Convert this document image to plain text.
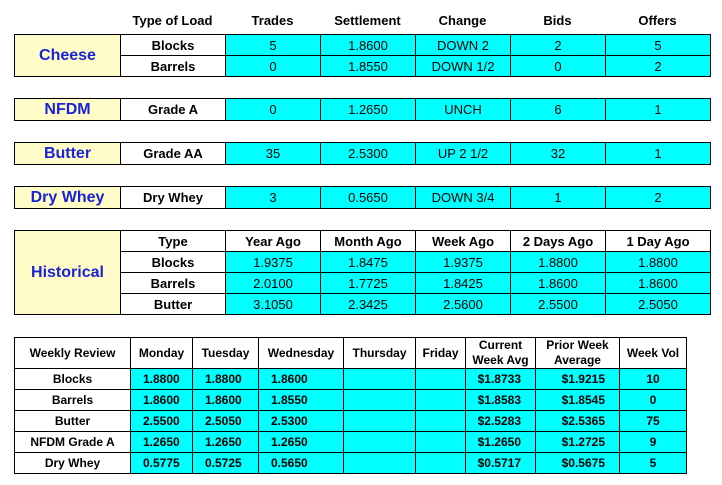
	Type of Load	Trades	Settlement	Change	Bids	Offers
Cheese	Blocks	5	1.8600	DOWN 2	2	5
	Barrels	0	1.8550	DOWN 1/2	0	2
NFDM	Grade A	0	1.2650	UNCH	6	1
Butter	Grade AA	35	2.5300	UP 2 1/2	32	1
Dry Whey	Dry Whey	3	0.5650	DOWN 3/4	1	2
Historical	Type	Year Ago	Month Ago	Week Ago	2 Days Ago	1 Day Ago
	Blocks	1.9375	1.8475	1.9375	1.8800	1.8800
	Barrels	2.0100	1.7725	1.8425	1.8600	1.8600
	Butter	3.1050	2.3425	2.5600	2.5500	2.5050
Weekly Review	Monday	Tuesday	Wednesday	Thursday	Friday	Current Week Avg	Prior Week Average	Week Vol
Blocks	1.8800	1.8800	1.8600			$1.8733	$1.9215	10
Barrels	1.8600	1.8600	1.8550			$1.8583	$1.8545	0
Butter	2.5500	2.5050	2.5300			$2.5283	$2.5365	75
NFDM Grade A	1.2650	1.2650	1.2650			$1.2650	$1.2725	9
Dry Whey	0.5775	0.5725	0.5650			$0.5717	$0.5675	5
